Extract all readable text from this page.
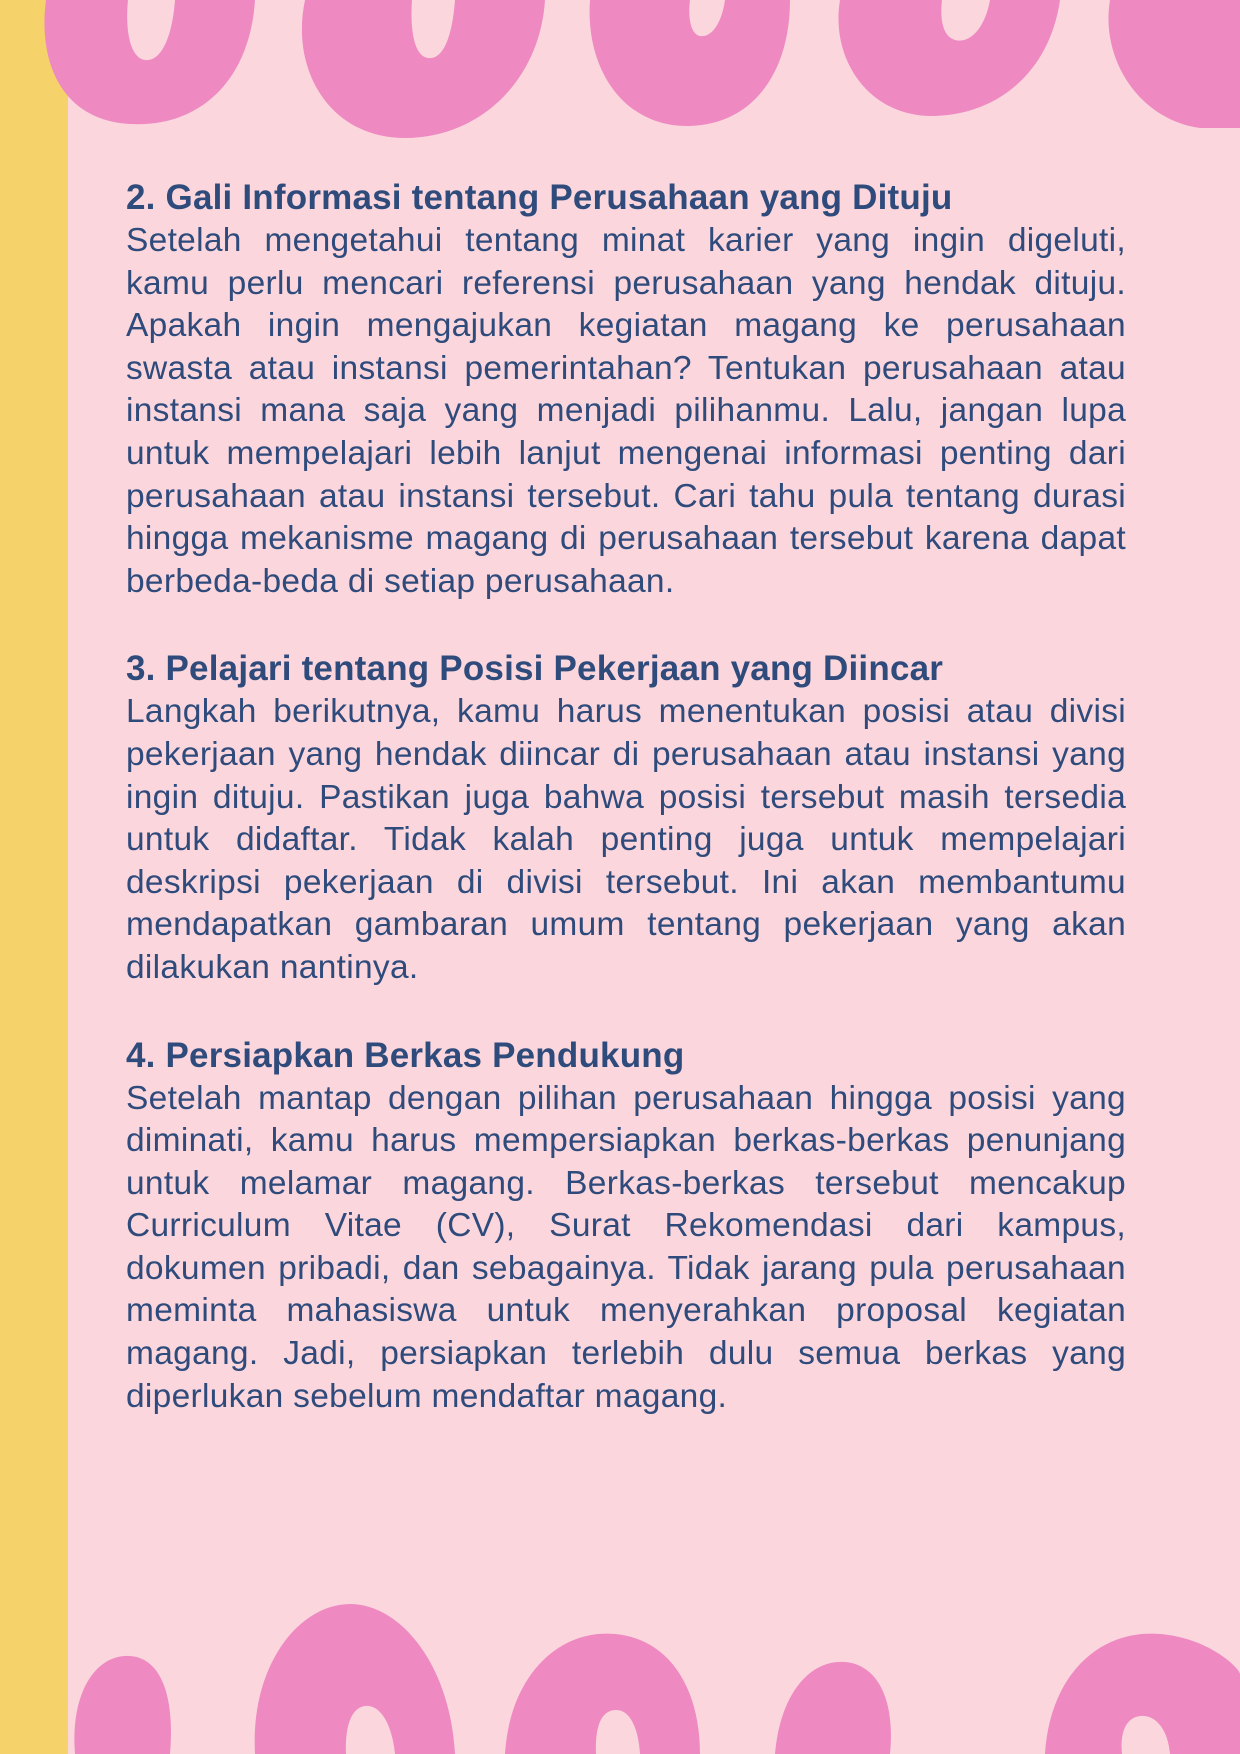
2. Gali Informasi tentang Perusahaan yang Dituju

Setelah mengetahui tentang minat karier yang ingin digeluti, kamu perlu mencari referensi perusahaan yang hendak dituju. Apakah ingin mengajukan kegiatan magang ke perusahaan swasta atau instansi pemerintahan? Tentukan perusahaan atau instansi mana saja yang menjadi pilihanmu. Lalu, jangan lupa untuk mempelajari lebih lanjut mengenai informasi penting dari perusahaan atau instansi tersebut. Cari tahu pula tentang durasi hingga mekanisme magang di perusahaan tersebut karena dapat berbeda-beda di setiap perusahaan.

3. Pelajari tentang Posisi Pekerjaan yang Diincar

Langkah berikutnya, kamu harus menentukan posisi atau divisi pekerjaan yang hendak diincar di perusahaan atau instansi yang ingin dituju. Pastikan juga bahwa posisi tersebut masih tersedia untuk didaftar. Tidak kalah penting juga untuk mempelajari deskripsi pekerjaan di divisi tersebut. Ini akan membantumu mendapatkan gambaran umum tentang pekerjaan yang akan dilakukan nantinya.

4. Persiapkan Berkas Pendukung

Setelah mantap dengan pilihan perusahaan hingga posisi yang diminati, kamu harus mempersiapkan berkas-berkas penunjang untuk melamar magang. Berkas-berkas tersebut mencakup Curriculum Vitae (CV), Surat Rekomendasi dari kampus, dokumen pribadi, dan sebagainya. Tidak jarang pula perusahaan meminta mahasiswa untuk menyerahkan proposal kegiatan magang. Jadi, persiapkan terlebih dulu semua berkas yang diperlukan sebelum mendaftar magang.
